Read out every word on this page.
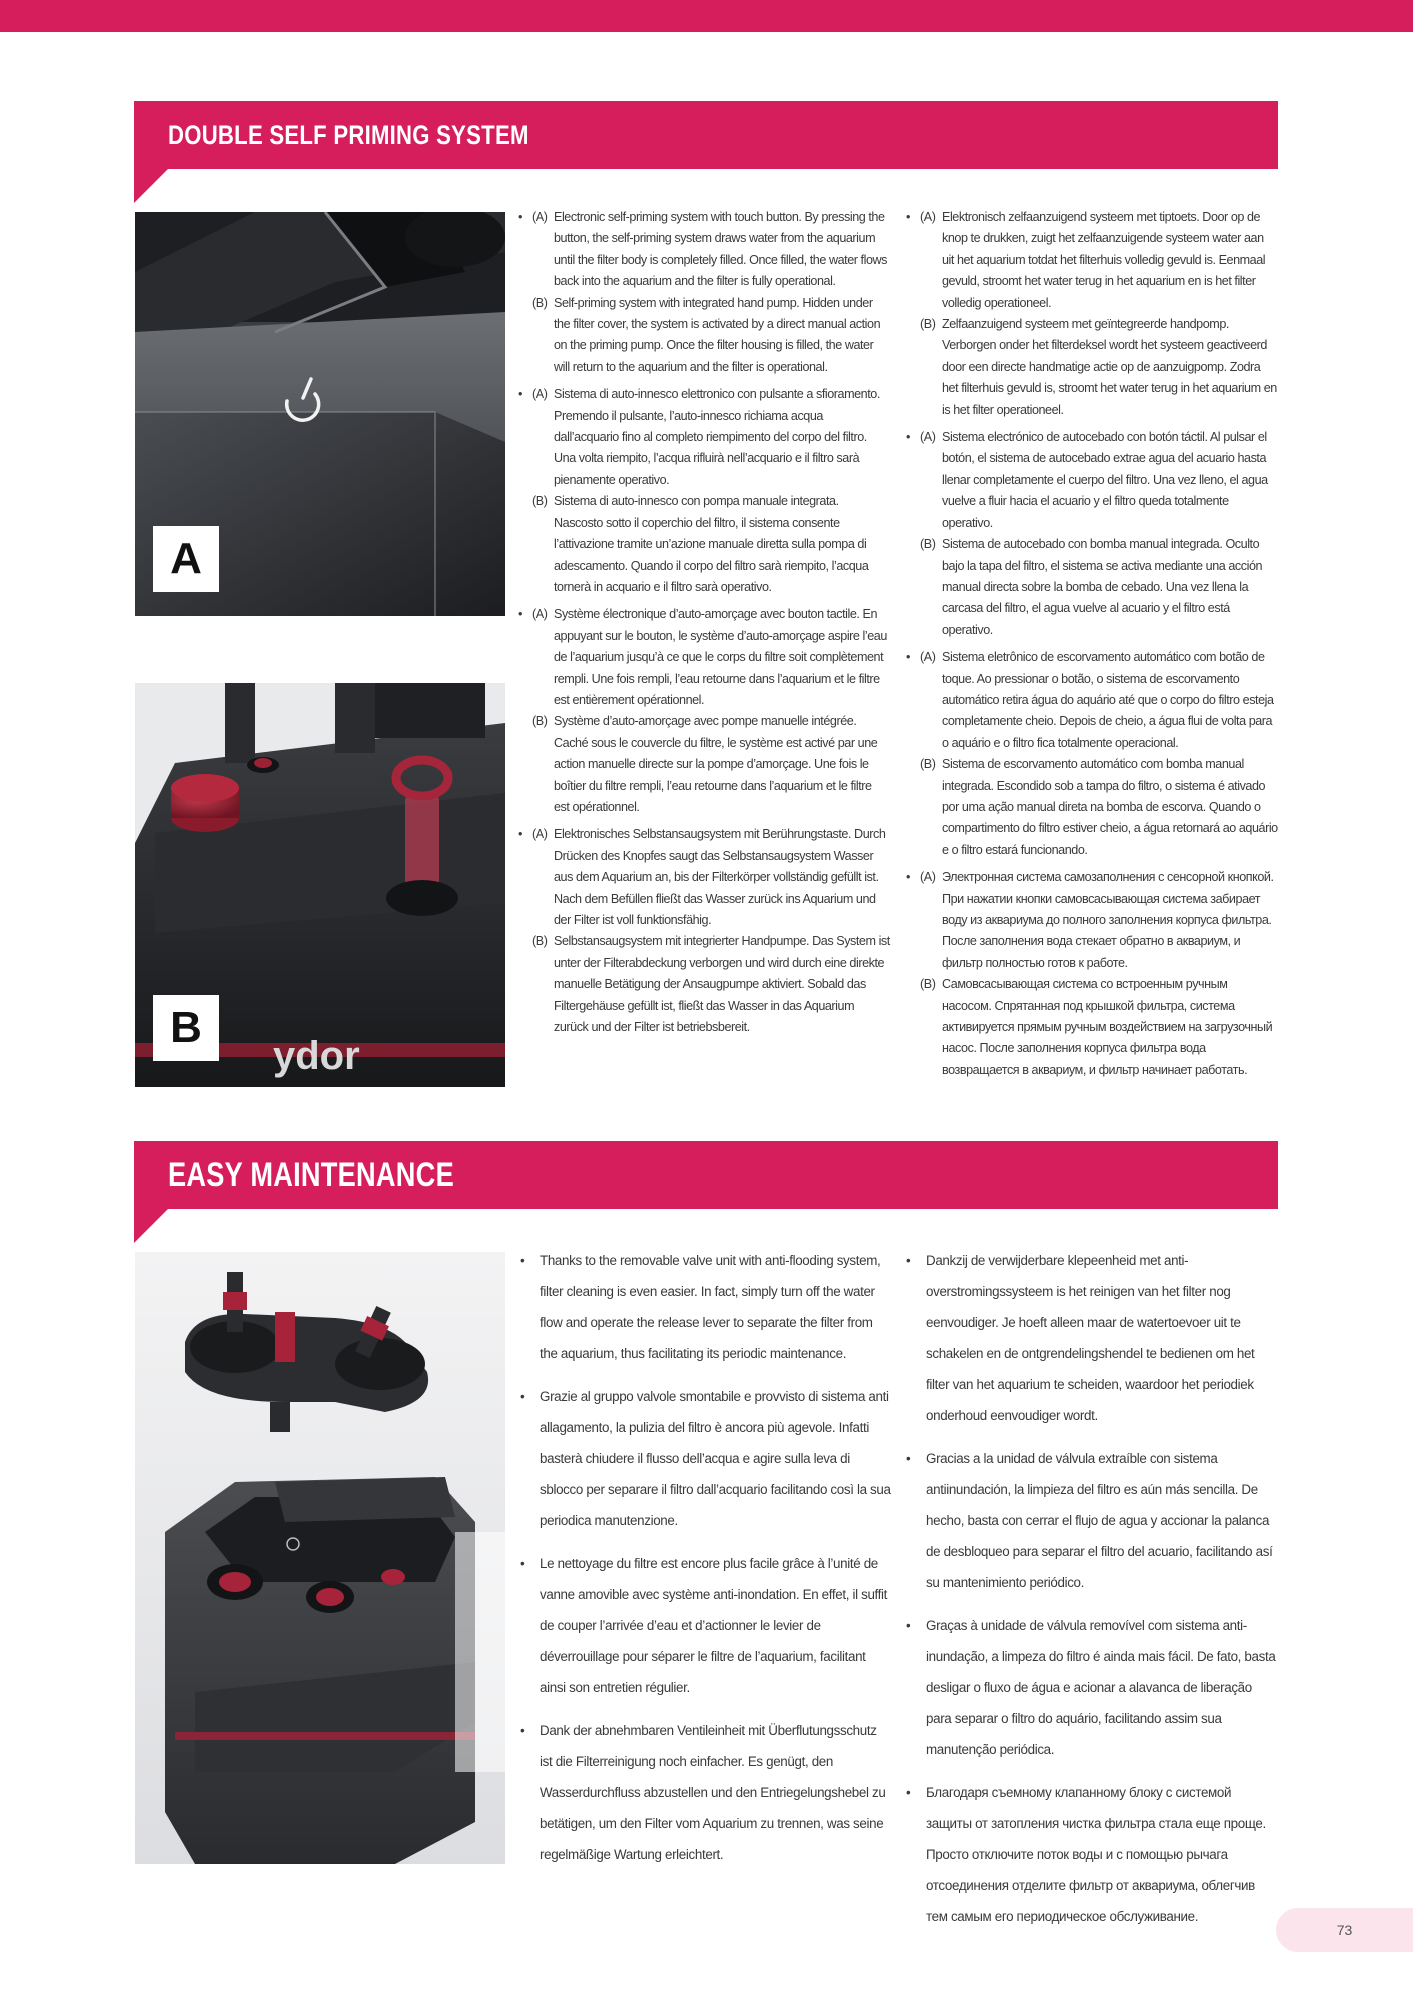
DOUBLE SELF PRIMING SYSTEM
A
ydor
B
• (A) Electronic self-priming system with touch button. By pressing the button, the self-priming system draws water from the aquarium until the filter body is completely filled. Once filled, the water flows back into the aquarium and the filter is fully operational.
(B) Self-priming system with integrated hand pump. Hidden under the filter cover, the system is activated by a direct manual action on the priming pump. Once the filter housing is filled, the water will return to the aquarium and the filter is operational.
• (A) Sistema di auto-innesco elettronico con pulsante a sfioramento. Premendo il pulsante, l’auto-innesco richiama acqua dall’acquario fino al completo riempimento del corpo del filtro. Una volta riempito, l’acqua rifluirà nell’acquario e il filtro sarà pienamente operativo.
(B) Sistema di auto-innesco con pompa manuale integrata. Nascosto sotto il coperchio del filtro, il sistema consente l’attivazione tramite un’azione manuale diretta sulla pompa di adescamento. Quando il corpo del filtro sarà riempito, l’acqua tornerà in acquario e il filtro sarà operativo.
• (A) Système électronique d’auto-amorçage avec bouton tactile. En appuyant sur le bouton, le système d’auto-amorçage aspire l’eau de l’aquarium jusqu’à ce que le corps du filtre soit complètement rempli. Une fois rempli, l’eau retourne dans l’aquarium et le filtre est entièrement opérationnel.
(B) Système d’auto-amorçage avec pompe manuelle intégrée. Caché sous le couvercle du filtre, le système est activé par une action manuelle directe sur la pompe d’amorçage. Une fois le boîtier du filtre rempli, l’eau retourne dans l’aquarium et le filtre est opérationnel.
• (A) Elektronisches Selbstansaugsystem mit Berührungstaste. Durch Drücken des Knopfes saugt das Selbstansaugsystem Wasser aus dem Aquarium an, bis der Filterkörper vollständig gefüllt ist. Nach dem Befüllen fließt das Wasser zurück ins Aquarium und der Filter ist voll funktionsfähig.
(B) Selbstansaugsystem mit integrierter Handpumpe. Das System ist unter der Filterabdeckung verborgen und wird durch eine direkte manuelle Betätigung der Ansaugpumpe aktiviert. Sobald das Filtergehäuse gefüllt ist, fließt das Wasser in das Aquarium zurück und der Filter ist betriebsbereit.
• (A) Elektronisch zelfaanzuigend systeem met tiptoets. Door op de knop te drukken, zuigt het zelfaanzuigende systeem water aan uit het aquarium totdat het filterhuis volledig gevuld is. Eenmaal gevuld, stroomt het water terug in het aquarium en is het filter volledig operationeel.
(B) Zelfaanzuigend systeem met geïntegreerde handpomp. Verborgen onder het filterdeksel wordt het systeem geactiveerd door een directe handmatige actie op de aanzuigpomp. Zodra het filterhuis gevuld is, stroomt het water terug in het aquarium en is het filter operationeel.
• (A) Sistema electrónico de autocebado con botón táctil. Al pulsar el botón, el sistema de autocebado extrae agua del acuario hasta llenar completamente el cuerpo del filtro. Una vez lleno, el agua vuelve a fluir hacia el acuario y el filtro queda totalmente operativo.
(B) Sistema de autocebado con bomba manual integrada. Oculto bajo la tapa del filtro, el sistema se activa mediante una acción manual directa sobre la bomba de cebado. Una vez llena la carcasa del filtro, el agua vuelve al acuario y el filtro está operativo.
• (A) Sistema eletrônico de escorvamento automático com botão de toque. Ao pressionar o botão, o sistema de escorvamento automático retira água do aquário até que o corpo do filtro esteja completamente cheio. Depois de cheio, a água flui de volta para o aquário e o filtro fica totalmente operacional.
(B) Sistema de escorvamento automático com bomba manual integrada. Escondido sob a tampa do filtro, o sistema é ativado por uma ação manual direta na bomba de escorva. Quando o compartimento do filtro estiver cheio, a água retornará ao aquário e o filtro estará funcionando.
• (A) Электронная система самозаполнения с сенсорной кнопкой. При нажатии кнопки самовсасывающая система забирает воду из аквариума до полного заполнения корпуса фильтра. После заполнения вода стекает обратно в аквариум, и фильтр полностью готов к работе.
(B) Самовсасывающая система со встроенным ручным насосом. Спрятанная под крышкой фильтра, система активируется прямым ручным воздействием на загрузочный насос. После заполнения корпуса фильтра вода возвращается в аквариум, и фильтр начинает работать.
EASY MAINTENANCE
• Thanks to the removable valve unit with anti-flooding system, filter cleaning is even easier. In fact, simply turn off the water flow and operate the release lever to separate the filter from the aquarium, thus facilitating its periodic maintenance.
• Grazie al gruppo valvole smontabile e provvisto di sistema anti allagamento, la pulizia del filtro è ancora più agevole. Infatti basterà chiudere il flusso dell’acqua e agire sulla leva di sblocco per separare il filtro dall’acquario facilitando così la sua periodica manutenzione.
• Le nettoyage du filtre est encore plus facile grâce à l’unité de vanne amovible avec système anti-inondation. En effet, il suffit de couper l’arrivée d’eau et d’actionner le levier de déverrouillage pour séparer le filtre de l’aquarium, facilitant ainsi son entretien régulier.
• Dank der abnehmbaren Ventileinheit mit Überflutungsschutz ist die Filterreinigung noch einfacher. Es genügt, den Wasserdurchfluss abzustellen und den Entriegelungshebel zu betätigen, um den Filter vom Aquarium zu trennen, was seine regelmäßige Wartung erleichtert.
• Dankzij de verwijderbare klepeenheid met anti-overstromingssysteem is het reinigen van het filter nog eenvoudiger. Je hoeft alleen maar de watertoevoer uit te schakelen en de ontgrendelingshendel te bedienen om het filter van het aquarium te scheiden, waardoor het periodiek onderhoud eenvoudiger wordt.
• Gracias a la unidad de válvula extraíble con sistema antiinundación, la limpieza del filtro es aún más sencilla. De hecho, basta con cerrar el flujo de agua y accionar la palanca de desbloqueo para separar el filtro del acuario, facilitando así su mantenimiento periódico.
• Graças à unidade de válvula removível com sistema anti-inundação, a limpeza do filtro é ainda mais fácil. De fato, basta desligar o fluxo de água e acionar a alavanca de liberação para separar o filtro do aquário, facilitando assim sua manutenção periódica.
• Благодаря съемному клапанному блоку с системой защиты от затопления чистка фильтра стала еще проще. Просто отключите поток воды и с помощью рычага отсоединения отделите фильтр от аквариума, облегчив тем самым его периодическое обслуживание.
73
